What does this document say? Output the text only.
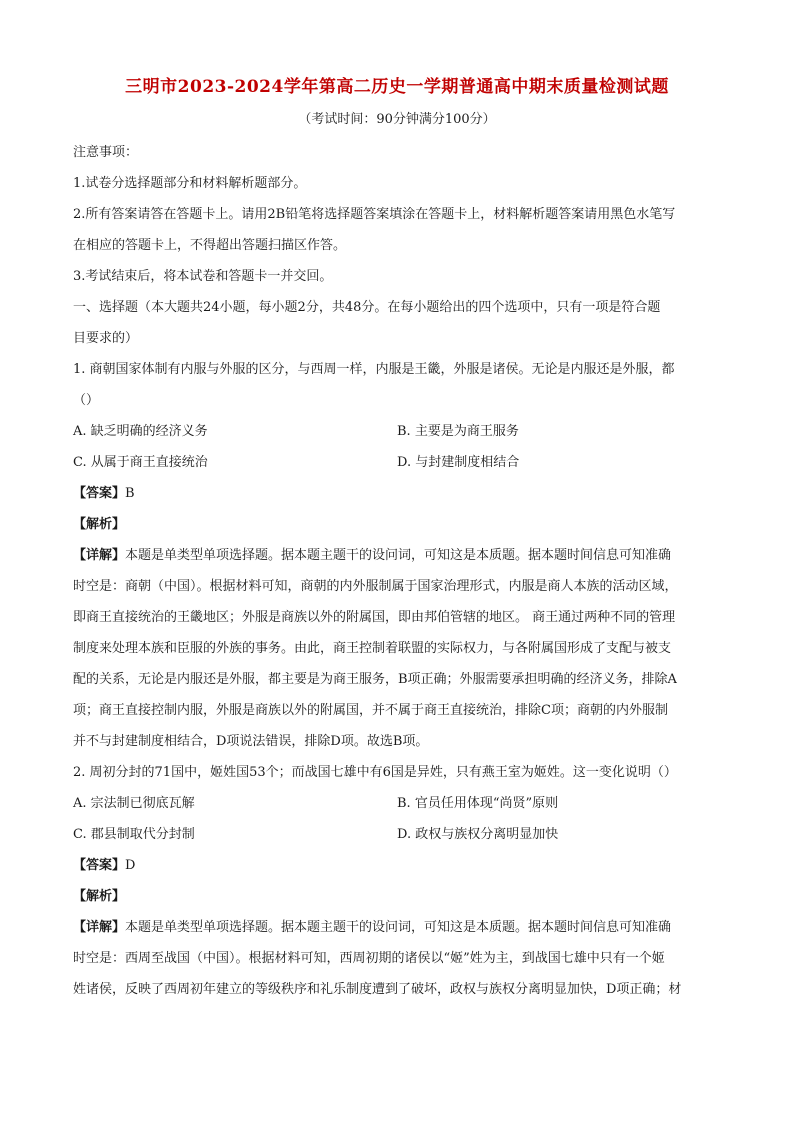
三明市2023-2024学年第高二历史一学期普通高中期末质量检测试题
（考试时间：90分钟满分100分）
注意事项：
1.试卷分选择题部分和材料解析题部分。
2.所有答案请答在答题卡上。请用2B铅笔将选择题答案填涂在答题卡上，材料解析题答案请用黑色水笔写
在相应的答题卡上，不得超出答题扫描区作答。
3.考试结束后，将本试卷和答题卡一并交回。
一、选择题（本大题共24小题，每小题2分，共48分。在每小题给出的四个选项中，只有一项是符合题
目要求的）
1. 商朝国家体制有内服与外服的区分，与西周一样，内服是王畿，外服是诸侯。无论是内服还是外服，都
（）
A. 缺乏明确的经济义务	B. 主要是为商王服务
C. 从属于商王直接统治	D. 与封建制度相结合
【答案】B
【解析】
【详解】本题是单类型单项选择题。据本题主题干的设问词，可知这是本质题。据本题时间信息可知准确
时空是：商朝（中国）。根据材料可知，商朝的内外服制属于国家治理形式，内服是商人本族的活动区域，
即商王直接统治的王畿地区；外服是商族以外的附属国，即由邦伯管辖的地区。 商王通过两种不同的管理
制度来处理本族和臣服的外族的事务。由此，商王控制着联盟的实际权力，与各附属国形成了支配与被支
配的关系，无论是内服还是外服，都主要是为商王服务，B项正确；外服需要承担明确的经济义务，排除A
项；商王直接控制内服，外服是商族以外的附属国，并不属于商王直接统治，排除C项；商朝的内外服制
并不与封建制度相结合，D项说法错误，排除D项。故选B项。
2. 周初分封的71国中，姬姓国53个；而战国七雄中有6国是异姓，只有燕王室为姬姓。这一变化说明（）
A. 宗法制已彻底瓦解	B. 官员任用体现“尚贤”原则
C. 郡县制取代分封制	D. 政权与族权分离明显加快
【答案】D
【解析】
【详解】本题是单类型单项选择题。据本题主题干的设问词，可知这是本质题。据本题时间信息可知准确
时空是：西周至战国（中国）。根据材料可知，西周初期的诸侯以“姬”姓为主，到战国七雄中只有一个姬
姓诸侯，反映了西周初年建立的等级秩序和礼乐制度遭到了破坏，政权与族权分离明显加快，D项正确；材
